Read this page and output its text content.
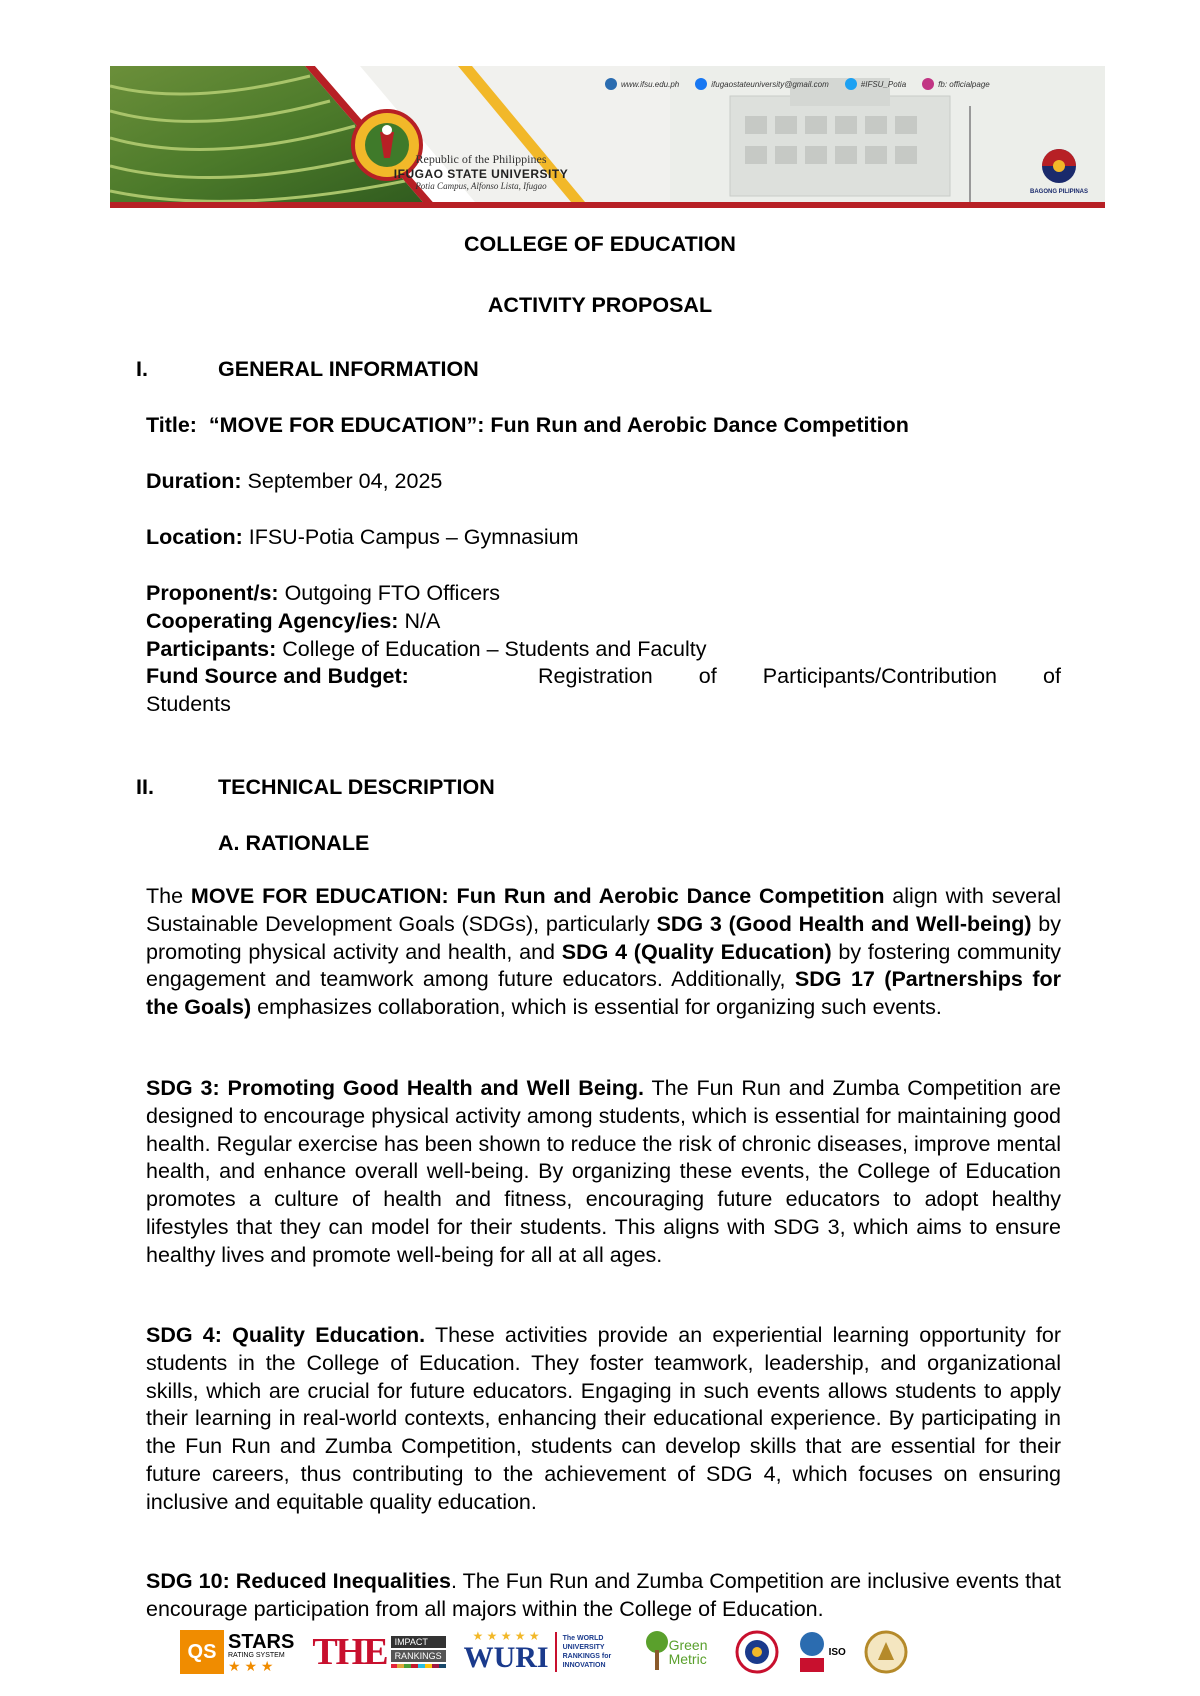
Republic of the Philippines
IFUGAO STATE UNIVERSITY
Potia Campus, Alfonso Lista, Ifugao
www.ifsu.edu.ph	ifugaostateuniversity@gmail.com	#IFSU_Potia	fb: officialpage
BAGONG PILIPINAS
COLLEGE OF EDUCATION
ACTIVITY PROPOSAL
I.	GENERAL INFORMATION
Title: “MOVE FOR EDUCATION”: Fun Run and Aerobic Dance Competition
Duration: September 04, 2025
Location: IFSU-Potia Campus – Gymnasium
Proponent/s: Outgoing FTO Officers
Cooperating Agency/ies: N/A
Participants: College of Education – Students and Faculty
Fund Source and Budget:	Registration of Participants/Contribution of
Students
II.	TECHNICAL DESCRIPTION
A. RATIONALE

The MOVE FOR EDUCATION: Fun Run and Aerobic Dance Competition align with several Sustainable Development Goals (SDGs), particularly SDG 3 (Good Health and Well-being) by promoting physical activity and health, and SDG 4 (Quality Education) by fostering community engagement and teamwork among future educators. Additionally, SDG 17 (Partnerships for the Goals) emphasizes collaboration, which is essential for organizing such events.

SDG 3: Promoting Good Health and Well Being. The Fun Run and Zumba Competition are designed to encourage physical activity among students, which is essential for maintaining good health. Regular exercise has been shown to reduce the risk of chronic diseases, improve mental health, and enhance overall well-being. By organizing these events, the College of Education promotes a culture of health and fitness, encouraging future educators to adopt healthy lifestyles that they can model for their students. This aligns with SDG 3, which aims to ensure healthy lives and promote well-being for all at all ages.

SDG 4: Quality Education. These activities provide an experiential learning opportunity for students in the College of Education. They foster teamwork, leadership, and organizational skills, which are crucial for future educators. Engaging in such events allows students to apply their learning in real-world contexts, enhancing their educational experience. By participating in the Fun Run and Zumba Competition, students can develop skills that are essential for their future careers, thus contributing to the achievement of SDG 4, which focuses on ensuring inclusive and equitable quality education.

SDG 10: Reduced Inequalities. The Fun Run and Zumba Competition are inclusive events that encourage participation from all majors within the College of Education.

QS STARS
RATING SYSTEM
★ ★ ★	THE IMPACT
RANKINGS
★ ★ ★ ★ ★
WURI
The WORLD UNIVERSITY RANKINGS for INNOVATION
Green Metric	ISO
